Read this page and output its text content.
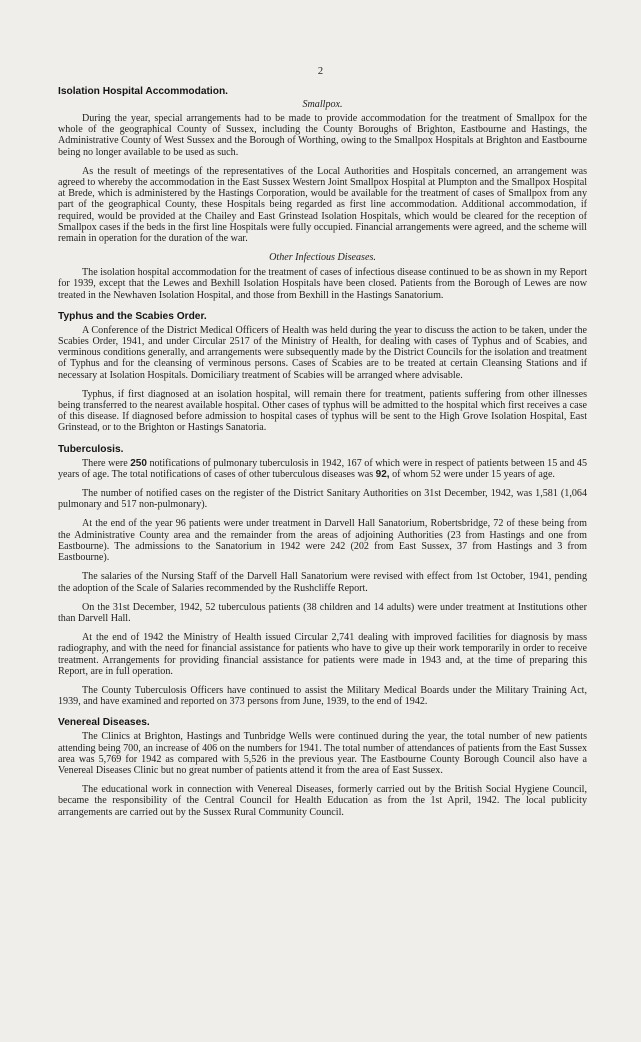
2
Isolation Hospital Accommodation.
Smallpox.

During the year, special arrangements had to be made to provide accommodation for the treatment of Smallpox for the whole of the geographical County of Sussex, including the County Boroughs of Brighton, Eastbourne and Hastings, the Administrative County of West Sussex and the Borough of Worthing, owing to the Smallpox Hospitals at Brighton and Eastbourne being no longer available to be used as such.

As the result of meetings of the representatives of the Local Authorities and Hospitals concerned, an arrangement was agreed to whereby the accommodation in the East Sussex Western Joint Smallpox Hospital at Plumpton and the Smallpox Hospital at Brede, which is administered by the Hastings Corporation, would be available for the treatment of cases of Smallpox from any part of the geographical County, these Hospitals being regarded as first line accommodation. Additional accommodation, if required, would be provided at the Chailey and East Grinstead Isolation Hospitals, which would be cleared for the reception of Smallpox cases if the beds in the first line Hospitals were fully occupied. Financial arrangements were agreed, and the scheme will remain in operation for the duration of the war.

Other Infectious Diseases.

The isolation hospital accommodation for the treatment of cases of infectious disease continued to be as shown in my Report for 1939, except that the Lewes and Bexhill Isolation Hospitals have been closed. Patients from the Borough of Lewes are now treated in the Newhaven Isolation Hospital, and those from Bexhill in the Hastings Sanatorium.

Typhus and the Scabies Order.

A Conference of the District Medical Officers of Health was held during the year to discuss the action to be taken, under the Scabies Order, 1941, and under Circular 2517 of the Ministry of Health, for dealing with cases of Typhus and of Scabies, and verminous conditions generally, and arrangements were subsequently made by the District Councils for the isolation and treatment of Typhus and for the cleansing of verminous persons. Cases of Scabies are to be treated at certain Cleansing Stations and if necessary at Isolation Hospitals. Domiciliary treatment of Scabies will be arranged where advisable.

Typhus, if first diagnosed at an isolation hospital, will remain there for treatment, patients suffering from other illnesses being transferred to the nearest available hospital. Other cases of typhus will be admitted to the hospital which first receives a case of this disease. If diagnosed before admission to hospital cases of typhus will be sent to the High Grove Isolation Hospital, East Grinstead, or to the Brighton or Hastings Sanatoria.

Tuberculosis.

There were 250 notifications of pulmonary tuberculosis in 1942, 167 of which were in respect of patients between 15 and 45 years of age. The total notifications of cases of other tuberculous diseases was 92, of whom 52 were under 15 years of age.

The number of notified cases on the register of the District Sanitary Authorities on 31st December, 1942, was 1,581 (1,064 pulmonary and 517 non-pulmonary).

At the end of the year 96 patients were under treatment in Darvell Hall Sanatorium, Robertsbridge, 72 of these being from the Administrative County area and the remainder from the areas of adjoining Authorities (23 from Hastings and one from Eastbourne). The admissions to the Sanatorium in 1942 were 242 (202 from East Sussex, 37 from Hastings and 3 from Eastbourne).

The salaries of the Nursing Staff of the Darvell Hall Sanatorium were revised with effect from 1st October, 1941, pending the adoption of the Scale of Salaries recommended by the Rushcliffe Report.

On the 31st December, 1942, 52 tuberculous patients (38 children and 14 adults) were under treatment at Institutions other than Darvell Hall.

At the end of 1942 the Ministry of Health issued Circular 2,741 dealing with improved facilities for diagnosis by mass radiography, and with the need for financial assistance for patients who have to give up their work temporarily in order to receive treatment. Arrangements for providing financial assistance for patients were made in 1943 and, at the time of preparing this Report, are in full operation.

The County Tuberculosis Officers have continued to assist the Military Medical Boards under the Military Training Act, 1939, and have examined and reported on 373 persons from June, 1939, to the end of 1942.

Venereal Diseases.

The Clinics at Brighton, Hastings and Tunbridge Wells were continued during the year, the total number of new patients attending being 700, an increase of 406 on the numbers for 1941. The total number of attendances of patients from the East Sussex area was 5,769 for 1942 as compared with 5,526 in the previous year. The Eastbourne County Borough Council also have a Venereal Diseases Clinic but no great number of patients attend it from the area of East Sussex.

The educational work in connection with Venereal Diseases, formerly carried out by the British Social Hygiene Council, became the responsibility of the Central Council for Health Education as from the 1st April, 1942. The local publicity arrangements are carried out by the Sussex Rural Community Council.
